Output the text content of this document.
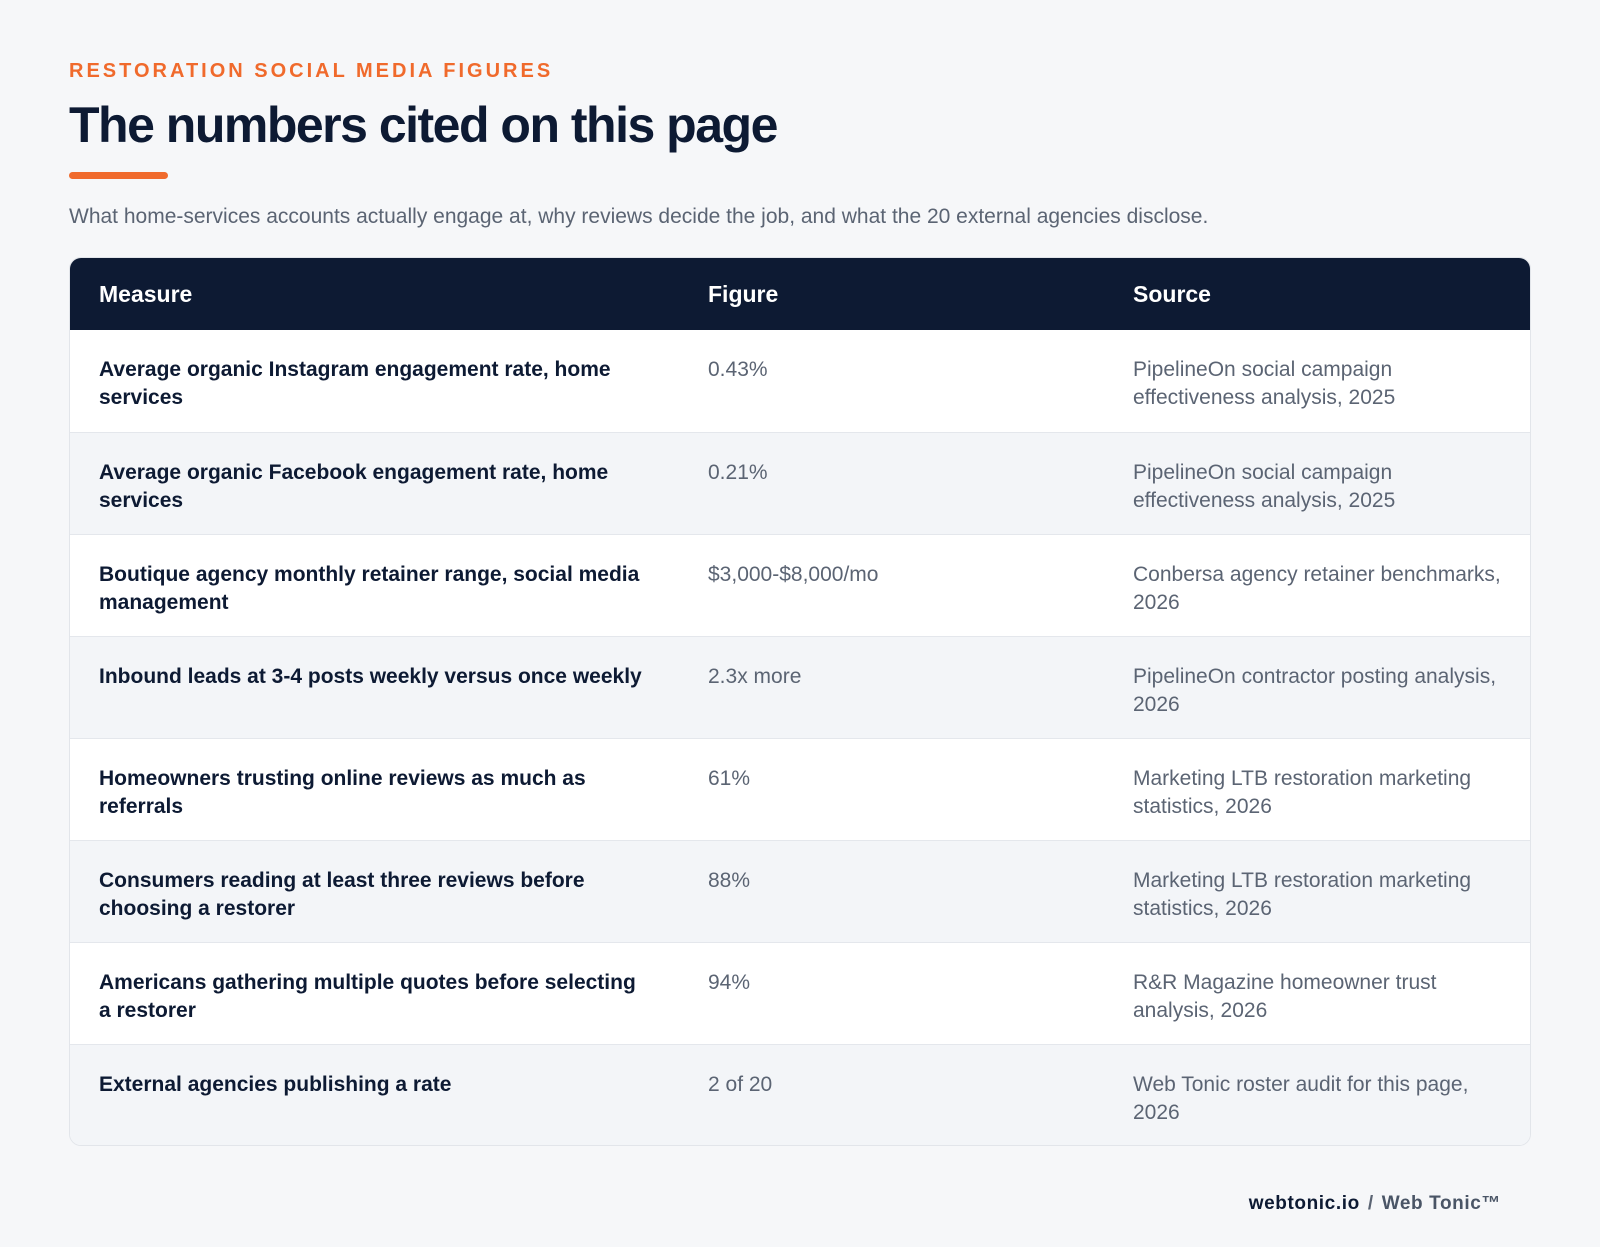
RESTORATION SOCIAL MEDIA FIGURES
The numbers cited on this page

What home-services accounts actually engage at, why reviews decide the job, and what the 20 external agencies disclose.

Measure	Figure	Source
Average organic Instagram engagement rate, home services	0.43%	PipelineOn social campaign effectiveness analysis, 2025
Average organic Facebook engagement rate, home services	0.21%	PipelineOn social campaign effectiveness analysis, 2025
Boutique agency monthly retainer range, social media management	$3,000-$8,000/mo	Conbersa agency retainer benchmarks, 2026
Inbound leads at 3-4 posts weekly versus once weekly	2.3x more	PipelineOn contractor posting analysis, 2026
Homeowners trusting online reviews as much as referrals	61%	Marketing LTB restoration marketing statistics, 2026
Consumers reading at least three reviews before choosing a restorer	88%	Marketing LTB restoration marketing statistics, 2026
Americans gathering multiple quotes before selecting a restorer	94%	R&R Magazine homeowner trust analysis, 2026
External agencies publishing a rate	2 of 20	Web Tonic roster audit for this page, 2026
webtonic.io / Web Tonic™
